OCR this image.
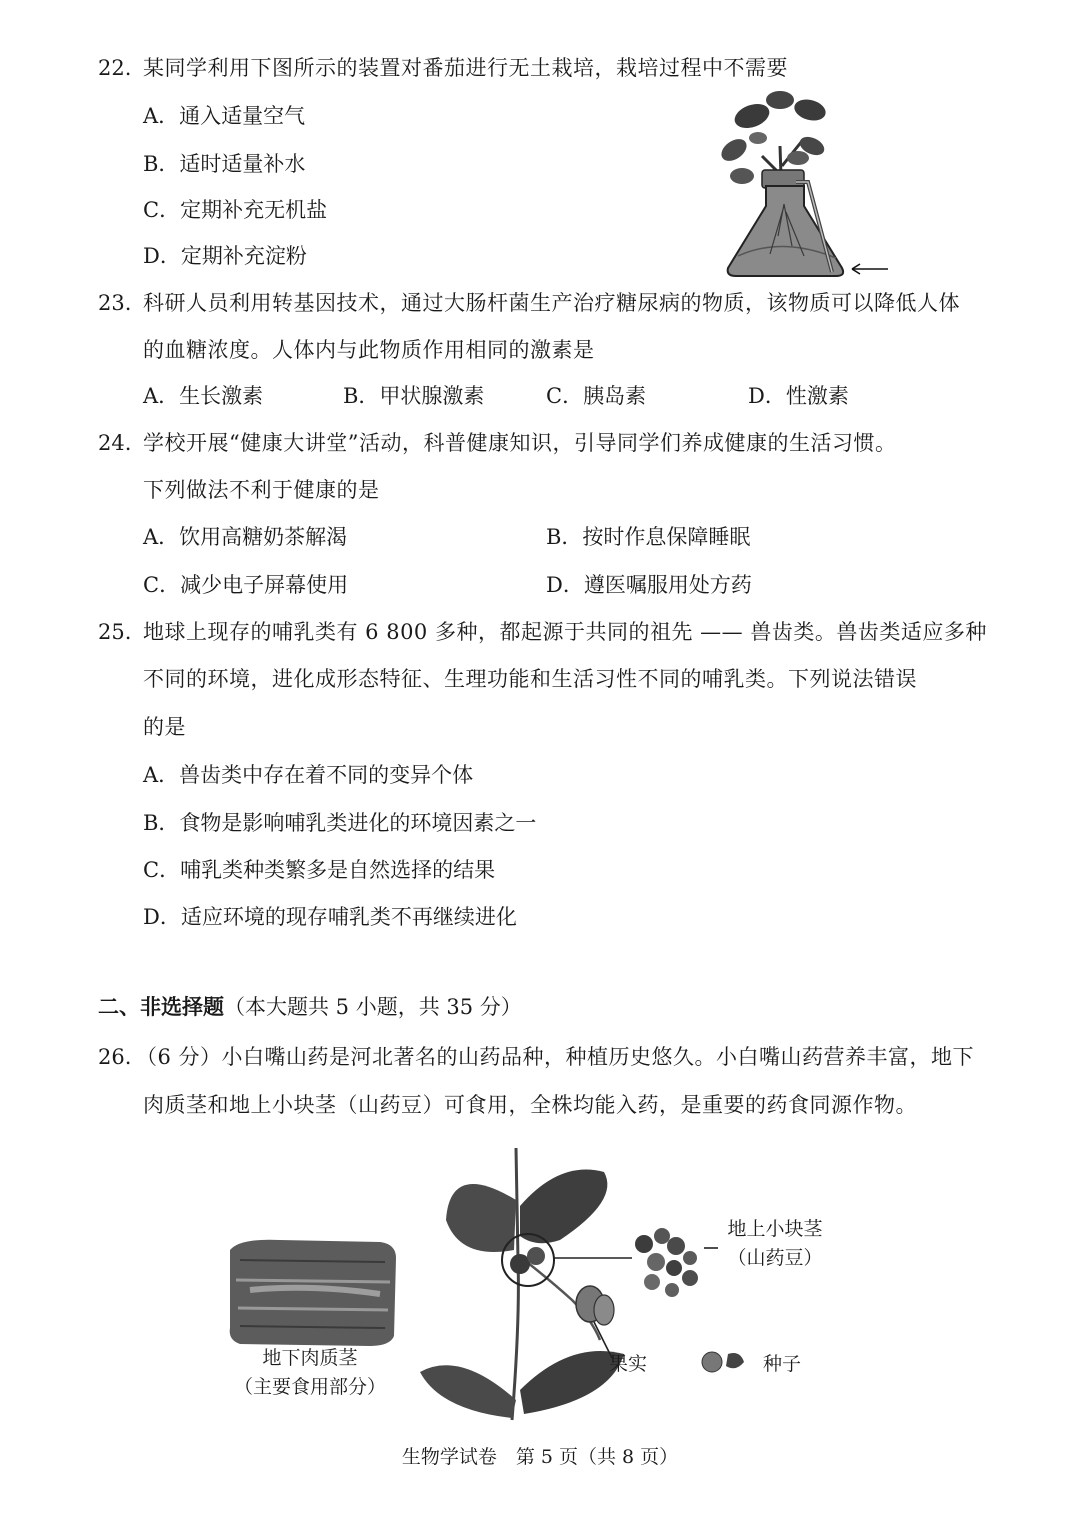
22. 某同学利用下图所示的装置对番茄进行无土栽培，栽培过程中不需要
A．通入适量空气
B．适时适量补水
C．定期补充无机盐
D．定期补充淀粉
23. 科研人员利用转基因技术，通过大肠杆菌生产治疗糖尿病的物质，该物质可以降低人体
的血糖浓度。人体内与此物质作用相同的激素是
A．生长激素	B．甲状腺激素	C．胰岛素	D．性激素
24. 学校开展“健康大讲堂”活动，科普健康知识，引导同学们养成健康的生活习惯。
下列做法不利于健康的是
A．饮用高糖奶茶解渴	B．按时作息保障睡眠
C．减少电子屏幕使用	D．遵医嘱服用处方药
25. 地球上现存的哺乳类有 6 800 多种，都起源于共同的祖先 —— 兽齿类。兽齿类适应多种
不同的环境，进化成形态特征、生理功能和生活习性不同的哺乳类。下列说法错误
的是
A．兽齿类中存在着不同的变异个体
B．食物是影响哺乳类进化的环境因素之一
C．哺乳类种类繁多是自然选择的结果
D．适应环境的现存哺乳类不再继续进化
二、非选择题（本大题共 5 小题，共 35 分）
26. （6 分）小白嘴山药是河北著名的山药品种，种植历史悠久。小白嘴山药营养丰富，地下
肉质茎和地上小块茎（山药豆）可食用，全株均能入药，是重要的药食同源作物。
地上小块茎
（山药豆）
地下肉质茎
（主要食用部分）
果实	种子
生物学试卷　第 5 页（共 8 页）
